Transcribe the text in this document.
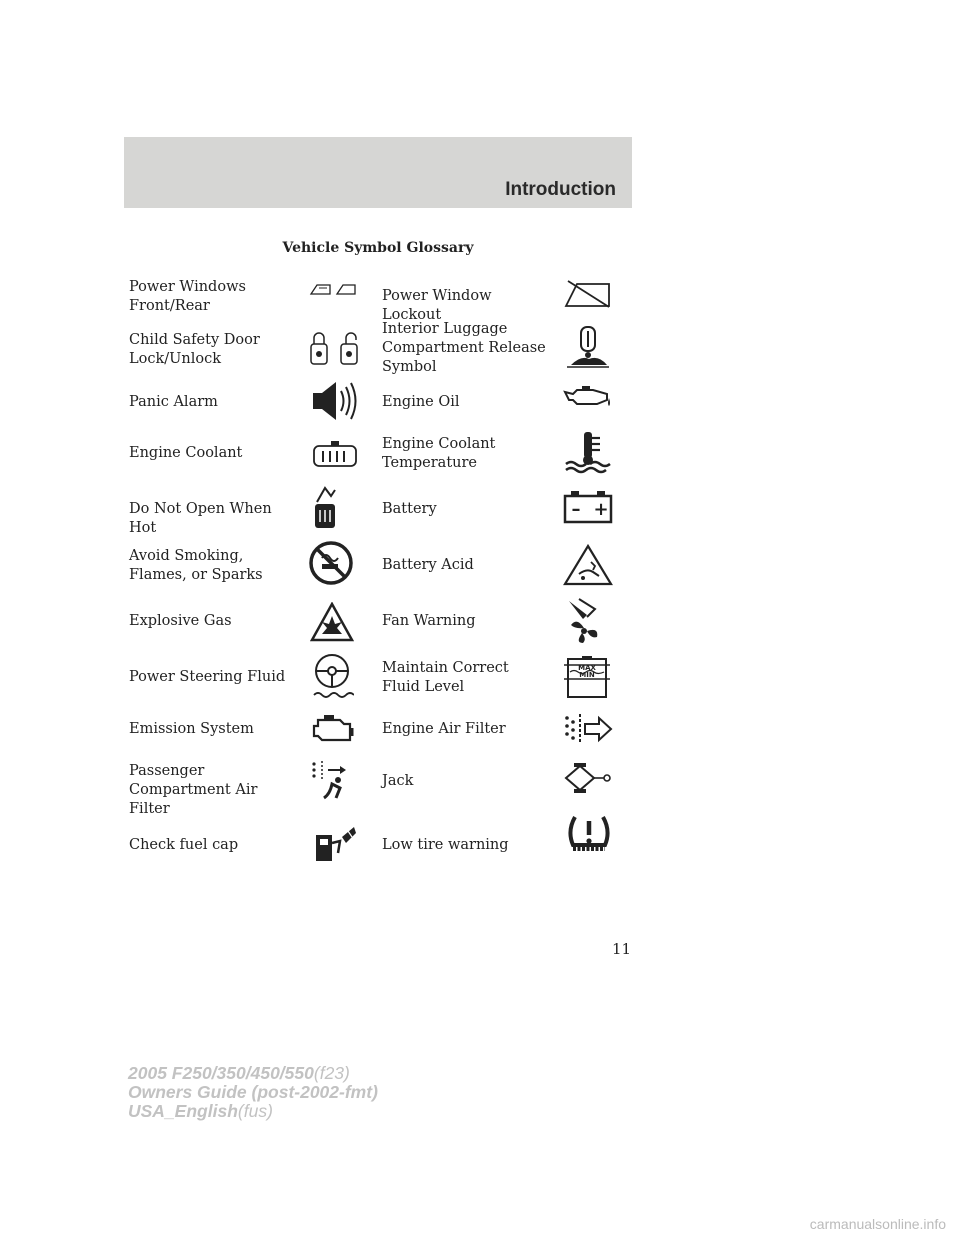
Introduction
Vehicle Symbol Glossary
Power Windows Front/Rear
Child Safety Door Lock/Unlock
Panic Alarm
Engine Coolant
Do Not Open When Hot
Avoid Smoking, Flames, or Sparks
Explosive Gas
Power Steering Fluid
Emission System
Passenger Compartment Air Filter
Check fuel cap
Power Window Lockout
Interior Luggage Compartment Release Symbol
Engine Oil
Engine Coolant Temperature
Battery
Battery Acid
Fan Warning
Maintain Correct Fluid Level
Engine Air Filter
Jack
Low tire warning
– +
MAX
MIN
11
2005 F250/350/450/550(f23)
Owners Guide (post-2002-fmt)
USA_English(fus)
carmanualsonline.info
